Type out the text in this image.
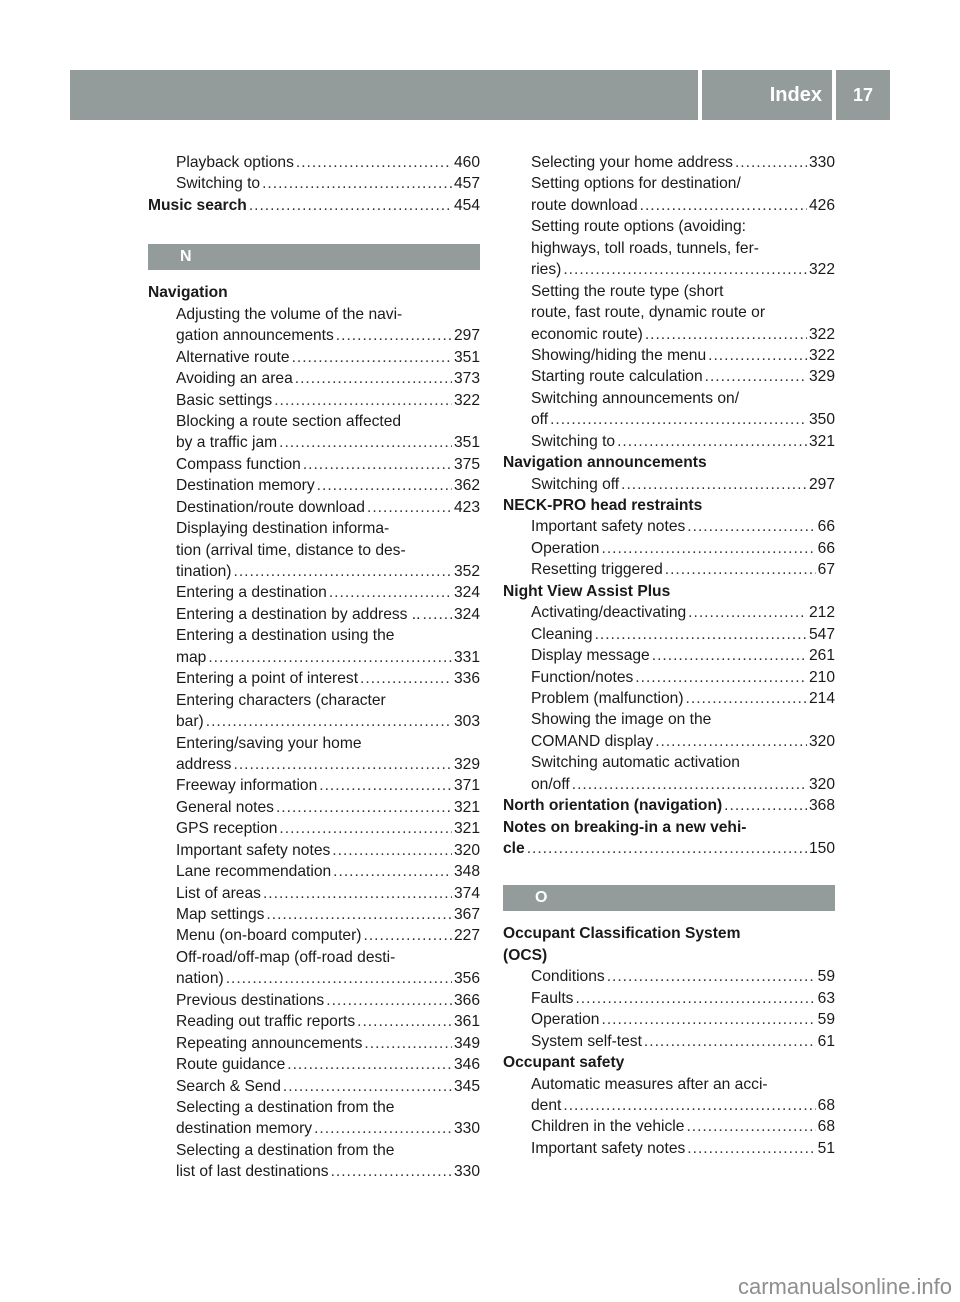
Index	17
Playback options .....	460
Switching to .....	457
Music search .....	454
N
Navigation
Adjusting the volume of the navi-
gation announcements .....	297
Alternative route .....	351
Avoiding an area .....	373
Basic settings .....	322
Blocking a route section affected
by a traffic jam .....	351
Compass function .....	375
Destination memory .....	362
Destination/route download .....	423
Displaying destination informa-
tion (arrival time, distance to des-
tination) .....	352
Entering a destination .....	324
Entering a destination by address .. ..... 324
Entering a destination using the
map .....	331
Entering a point of interest .....	336
Entering characters (character
bar) .....	303
Entering/saving your home
address .....	329
Freeway information .....	371
General notes .....	321
GPS reception .....	321
Important safety notes .....	320
Lane recommendation .....	348
List of areas .....	374
Map settings .....	367
Menu (on-board computer) .....	227
Off-road/off-map (off-road desti-
nation) .....	356
Previous destinations .....	366
Reading out traffic reports .....	361
Repeating announcements .....	349
Route guidance .....	346
Search & Send .....	345
Selecting a destination from the
destination memory .....	330
Selecting a destination from the
list of last destinations .....	330
Selecting your home address .....	330
Setting options for destination/
route download .....	426
Setting route options (avoiding:
highways, toll roads, tunnels, fer-
ries) .....	322
Setting the route type (short
route, fast route, dynamic route or
economic route) .....	322
Showing/hiding the menu .....	322
Starting route calculation .....	329
Switching announcements on/
off .....	350
Switching to .....	321
Navigation announcements
Switching off .....	297
NECK-PRO head restraints
Important safety notes .....	66
Operation .....	66
Resetting triggered .....	67
Night View Assist Plus
Activating/deactivating .....	212
Cleaning .....	547
Display message .....	261
Function/notes .....	210
Problem (malfunction) .....	214
Showing the image on the
COMAND display .....	320
Switching automatic activation
on/off .....	320
North orientation (navigation) .....	368
Notes on breaking-in a new vehi-
cle .....	150
O
Occupant Classification System
(OCS)
Conditions .....	59
Faults .....	63
Operation .....	59
System self-test .....	61
Occupant safety
Automatic measures after an acci-
dent .....	68
Children in the vehicle .....	68
Important safety notes .....	51
carmanualsonline.info
